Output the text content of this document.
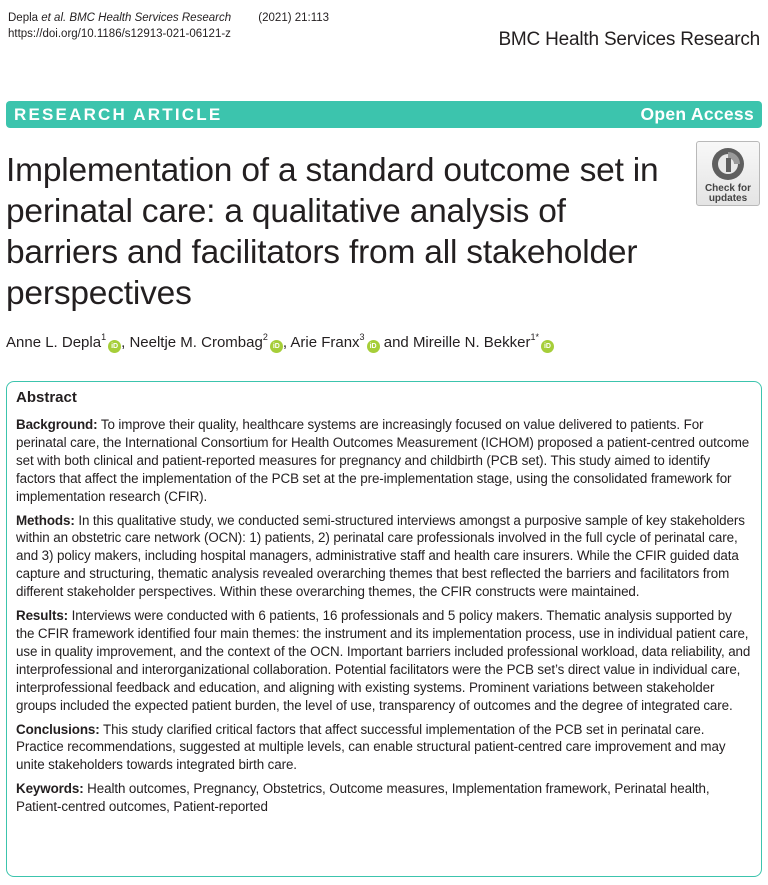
Depla et al. BMC Health Services Research (2021) 21:113
https://doi.org/10.1186/s12913-021-06121-z	BMC Health Services Research
RESEARCH ARTICLE	Open Access
Implementation of a standard outcome set in perinatal care: a qualitative analysis of barriers and facilitators from all stakeholder perspectives
Check for
updates
Anne L. Depla$^1$iD , Neeltje M. Crombag$^2$iD , Arie Franx$^3$iD and Mireille N. Bekker$^{1*}$iD
Abstract

Background: To improve their quality, healthcare systems are increasingly focused on value delivered to patients. For perinatal care, the International Consortium for Health Outcomes Measurement (ICHOM) proposed a patient-centred outcome set with both clinical and patient-reported measures for pregnancy and childbirth (PCB set). This study aimed to identify factors that affect the implementation of the PCB set at the pre-implementation stage, using the consolidated framework for implementation research (CFIR).

Methods: In this qualitative study, we conducted semi-structured interviews amongst a purposive sample of key stakeholders within an obstetric care network (OCN): 1) patients, 2) perinatal care professionals involved in the full cycle of perinatal care, and 3) policy makers, including hospital managers, administrative staff and health care insurers. While the CFIR guided data capture and structuring, thematic analysis revealed overarching themes that best reflected the barriers and facilitators from different stakeholder perspectives. Within these overarching themes, the CFIR constructs were maintained.

Results: Interviews were conducted with 6 patients, 16 professionals and 5 policy makers. Thematic analysis supported by the CFIR framework identified four main themes: the instrument and its implementation process, use in individual patient care, use in quality improvement, and the context of the OCN. Important barriers included professional workload, data reliability, and interprofessional and interorganizational collaboration. Potential facilitators were the PCB set’s direct value in individual care, interprofessional feedback and education, and aligning with existing systems. Prominent variations between stakeholder groups included the expected patient burden, the level of use, transparency of outcomes and the degree of integrated care.

Conclusions: This study clarified critical factors that affect successful implementation of the PCB set in perinatal care. Practice recommendations, suggested at multiple levels, can enable structural patient-centred care improvement and may unite stakeholders towards integrated birth care.

Keywords: Health outcomes, Pregnancy, Obstetrics, Outcome measures, Implementation framework, Perinatal health, Patient-centred outcomes, Patient-reported
